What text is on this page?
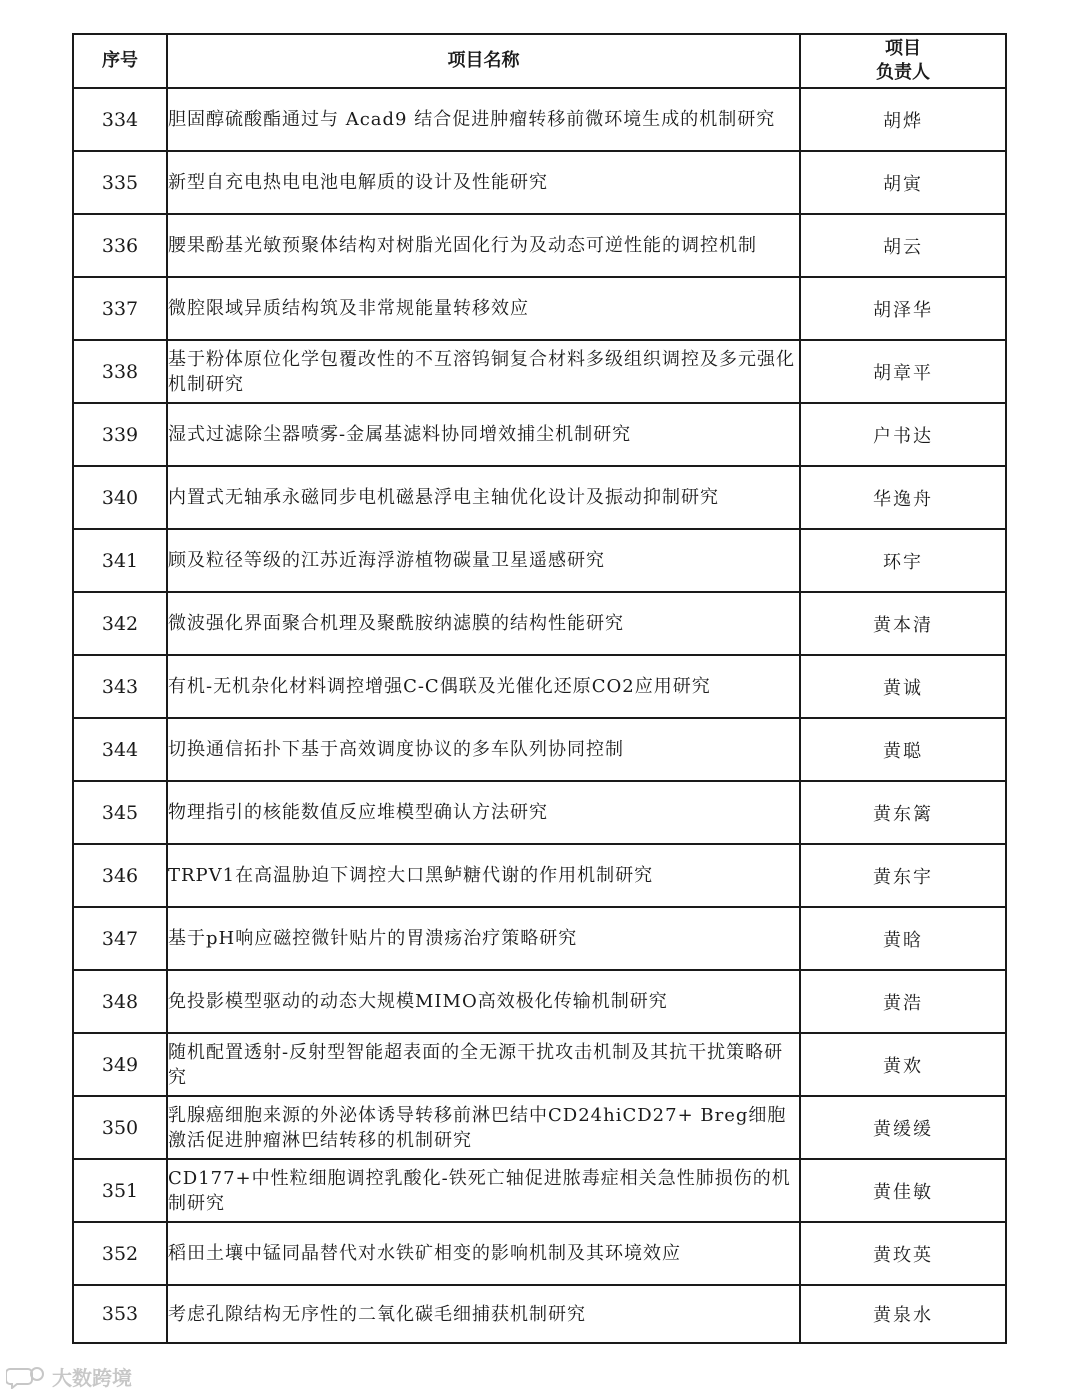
序号	项目名称	项目
负责人

334	胆固醇硫酸酯通过与 Acad9 结合促进肿瘤转移前微环境生成的机制研究	胡烨
335	新型自充电热电电池电解质的设计及性能研究	胡寅
336	腰果酚基光敏预聚体结构对树脂光固化行为及动态可逆性能的调控机制	胡云
337	微腔限域异质结构筑及非常规能量转移效应	胡泽华
338	基于粉体原位化学包覆改性的不互溶钨铜复合材料多级组织调控及多元强化机制研究	胡章平
339	湿式过滤除尘器喷雾-金属基滤料协同增效捕尘机制研究	户书达
340	内置式无轴承永磁同步电机磁悬浮电主轴优化设计及振动抑制研究	华逸舟
341	顾及粒径等级的江苏近海浮游植物碳量卫星遥感研究	环宇
342	微波强化界面聚合机理及聚酰胺纳滤膜的结构性能研究	黄本清
343	有机-无机杂化材料调控增强C-C偶联及光催化还原CO2应用研究	黄诚
344	切换通信拓扑下基于高效调度协议的多车队列协同控制	黄聪
345	物理指引的核能数值反应堆模型确认方法研究	黄东篱
346	TRPV1在高温胁迫下调控大口黑鲈糖代谢的作用机制研究	黄东宇
347	基于pH响应磁控微针贴片的胃溃疡治疗策略研究	黄晗
348	免投影模型驱动的动态大规模MIMO高效极化传输机制研究	黄浩
349	随机配置透射-反射型智能超表面的全无源干扰攻击机制及其抗干扰策略研究	黄欢
350	乳腺癌细胞来源的外泌体诱导转移前淋巴结中CD24hiCD27+ Breg细胞激活促进肿瘤淋巴结转移的机制研究	黄缓缓
351	CD177+中性粒细胞调控乳酸化-铁死亡轴促进脓毒症相关急性肺损伤的机制研究	黄佳敏
352	稻田土壤中锰同晶替代对水铁矿相变的影响机制及其环境效应	黄玫英
353	考虑孔隙结构无序性的二氧化碳毛细捕获机制研究	黄泉水
大数跨境
